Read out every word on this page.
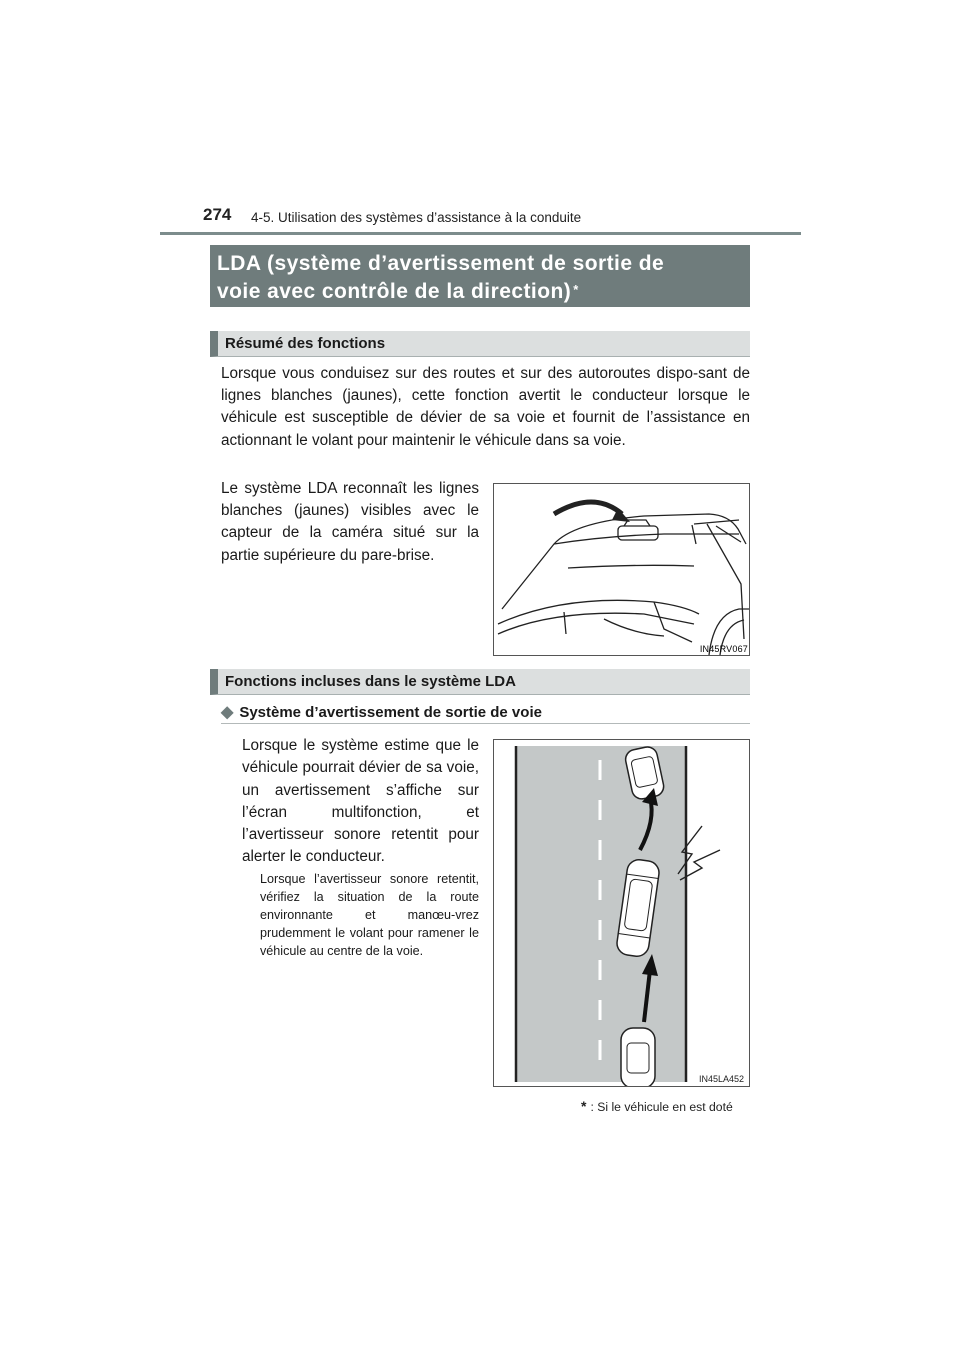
274 4-5. Utilisation des systèmes d’assistance à la conduite
LDA (système d’avertissement de sortie de
voie avec contrôle de la direction) *
Résumé des fonctions
Lorsque vous conduisez sur des routes et sur des autoroutes dispo-sant de lignes blanches (jaunes), cette fonction avertit le conducteur lorsque le véhicule est susceptible de dévier de sa voie et fournit de l’assistance en actionnant le volant pour maintenir le véhicule dans sa voie.
Le système LDA reconnaît les lignes blanches (jaunes) visibles avec le capteur de la caméra situé sur la partie supérieure du pare-brise.
IN45RV067
Fonctions incluses dans le système LDA
◆ Système d’avertissement de sortie de voie
Lorsque le système estime que le véhicule pourrait dévier de sa voie, un avertissement s’affiche sur l’écran multifonction, et l’avertisseur sonore retentit pour alerter le conducteur.
Lorsque l’avertisseur sonore retentit, vérifiez la situation de la route environnante et manœu-vrez prudemment le volant pour ramener le véhicule au centre de la voie.
IN45LA452
* : Si le véhicule en est doté
